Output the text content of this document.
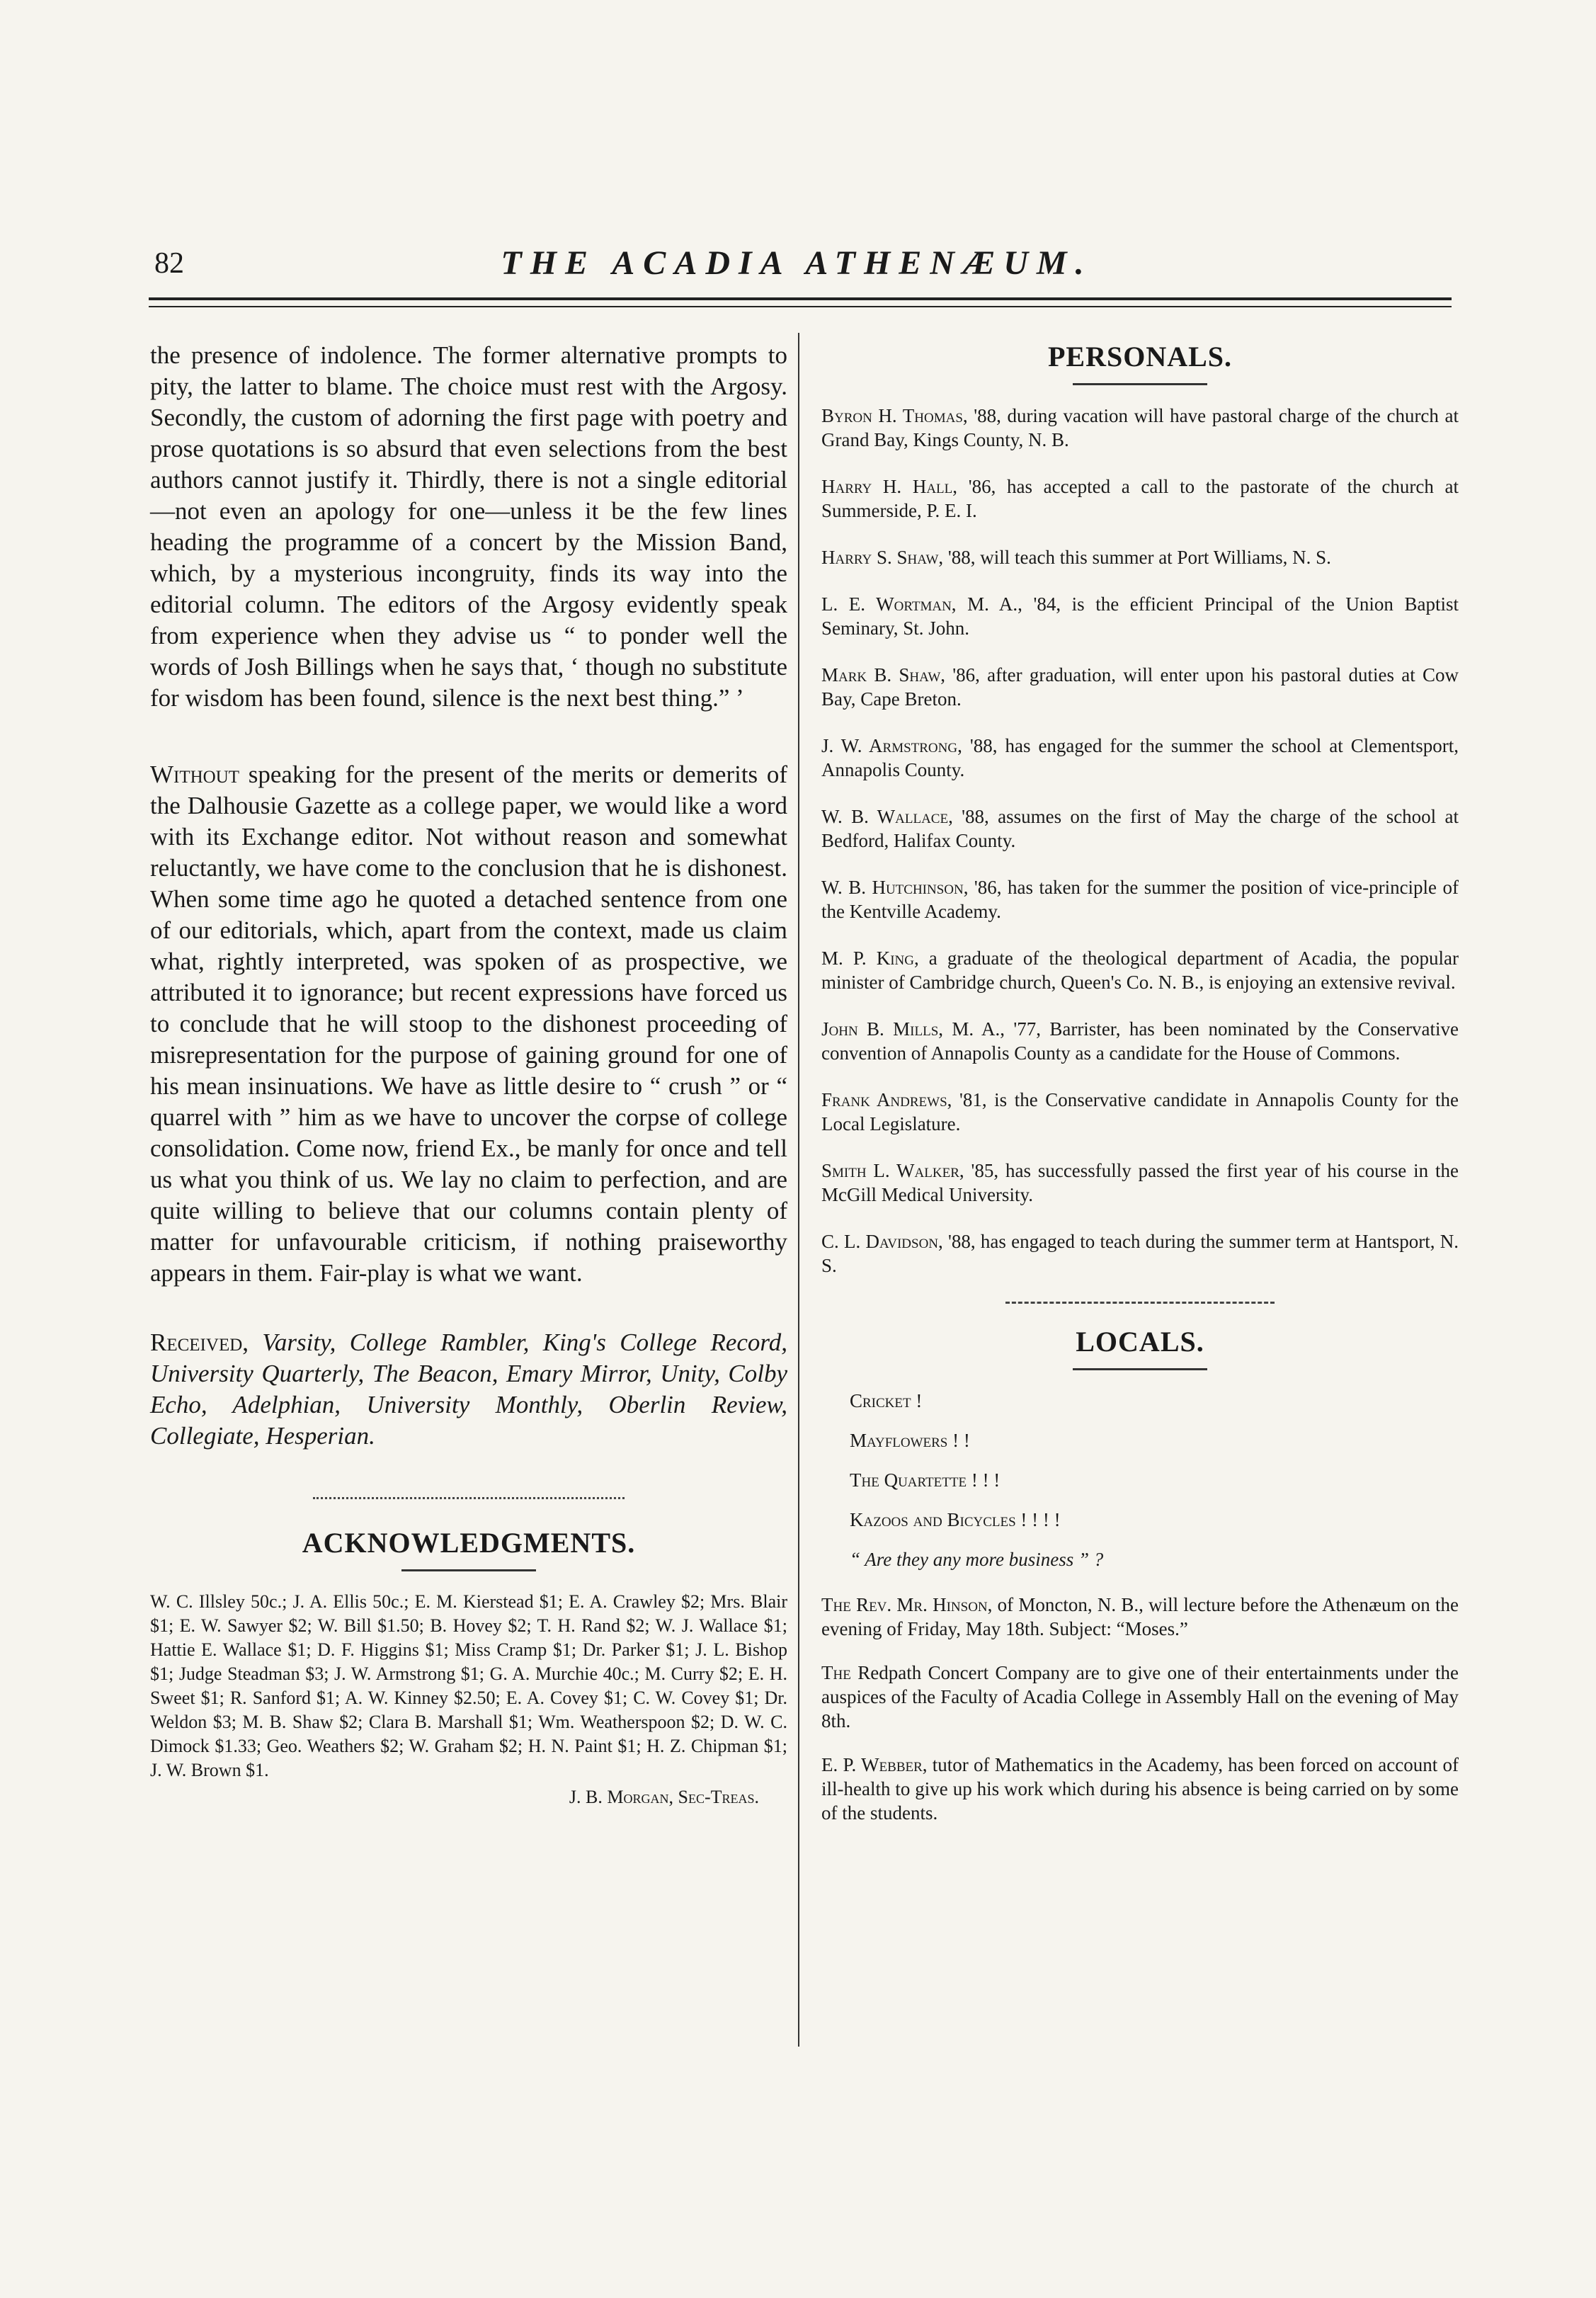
82	THE ACADIA ATHENÆUM.

the presence of indolence. The former alternative prompts to pity, the latter to blame. The choice must rest with the Argosy. Secondly, the custom of adorning the first page with poetry and prose quotations is so absurd that even selections from the best authors cannot justify it. Thirdly, there is not a single editorial—not even an apology for one—unless it be the few lines heading the programme of a concert by the Mission Band, which, by a mysterious incongruity, finds its way into the editorial column. The editors of the Argosy evidently speak from experience when they advise us “ to ponder well the words of Josh Billings when he says that, ‘ though no substitute for wisdom has been found, silence is the next best thing.” ’

Without speaking for the present of the merits or demerits of the Dalhousie Gazette as a college paper, we would like a word with its Exchange editor. Not without reason and somewhat reluctantly, we have come to the conclusion that he is dishonest. When some time ago he quoted a detached sentence from one of our editorials, which, apart from the context, made us claim what, rightly interpreted, was spoken of as prospective, we attributed it to ignorance; but recent expressions have forced us to conclude that he will stoop to the dishonest proceeding of misrepresentation for the purpose of gaining ground for one of his mean insinuations. We have as little desire to “ crush ” or “ quarrel with ” him as we have to uncover the corpse of college consolidation. Come now, friend Ex., be manly for once and tell us what you think of us. We lay no claim to perfection, and are quite willing to believe that our columns contain plenty of matter for unfavourable criticism, if nothing praiseworthy appears in them. Fair-play is what we want.

Received, Varsity, College Rambler, King's College Record, University Quarterly, The Beacon, Emary Mirror, Unity, Colby Echo, Adelphian, University Monthly, Oberlin Review, Collegiate, Hesperian.

ACKNOWLEDGMENTS.

W. C. Illsley 50c.; J. A. Ellis 50c.; E. M. Kierstead $1; E. A. Crawley $2; Mrs. Blair $1; E. W. Sawyer $2; W. Bill $1.50; B. Hovey $2; T. H. Rand $2; W. J. Wallace $1; Hattie E. Wallace $1; D. F. Higgins $1; Miss Cramp $1; Dr. Parker $1; J. L. Bishop $1; Judge Steadman $3; J. W. Armstrong $1; G. A. Murchie 40c.; M. Curry $2; E. H. Sweet $1; R. Sanford $1; A. W. Kinney $2.50; E. A. Covey $1; C. W. Covey $1; Dr. Weldon $3; M. B. Shaw $2; Clara B. Marshall $1; Wm. Weatherspoon $2; D. W. C. Dimock $1.33; Geo. Weathers $2; W. Graham $2; H. N. Paint $1; H. Z. Chipman $1; J. W. Brown $1.

J. B. Morgan, Sec-Treas.

PERSONALS.

Byron H. Thomas, '88, during vacation will have pastoral charge of the church at Grand Bay, Kings County, N. B.

Harry H. Hall, '86, has accepted a call to the pastorate of the church at Summerside, P. E. I.

Harry S. Shaw, '88, will teach this summer at Port Williams, N. S.

L. E. Wortman, M. A., '84, is the efficient Principal of the Union Baptist Seminary, St. John.

Mark B. Shaw, '86, after graduation, will enter upon his pastoral duties at Cow Bay, Cape Breton.

J. W. Armstrong, '88, has engaged for the summer the school at Clementsport, Annapolis County.

W. B. Wallace, '88, assumes on the first of May the charge of the school at Bedford, Halifax County.

W. B. Hutchinson, '86, has taken for the summer the position of vice-principle of the Kentville Academy.

M. P. King, a graduate of the theological department of Acadia, the popular minister of Cambridge church, Queen's Co. N. B., is enjoying an extensive revival.

John B. Mills, M. A., '77, Barrister, has been nominated by the Conservative convention of Annapolis County as a candidate for the House of Commons.

Frank Andrews, '81, is the Conservative candidate in Annapolis County for the Local Legislature.

Smith L. Walker, '85, has successfully passed the first year of his course in the McGill Medical University.

C. L. Davidson, '88, has engaged to teach during the summer term at Hantsport, N. S.

LOCALS.

Cricket !

Mayflowers ! !

The Quartette ! ! !

Kazoos and Bicycles ! ! ! !

“ Are they any more business ” ?

The Rev. Mr. Hinson, of Moncton, N. B., will lecture before the Athenæum on the evening of Friday, May 18th. Subject: “Moses.”

The Redpath Concert Company are to give one of their entertainments under the auspices of the Faculty of Acadia College in Assembly Hall on the evening of May 8th.

E. P. Webber, tutor of Mathematics in the Academy, has been forced on account of ill-health to give up his work which during his absence is being carried on by some of the students.
